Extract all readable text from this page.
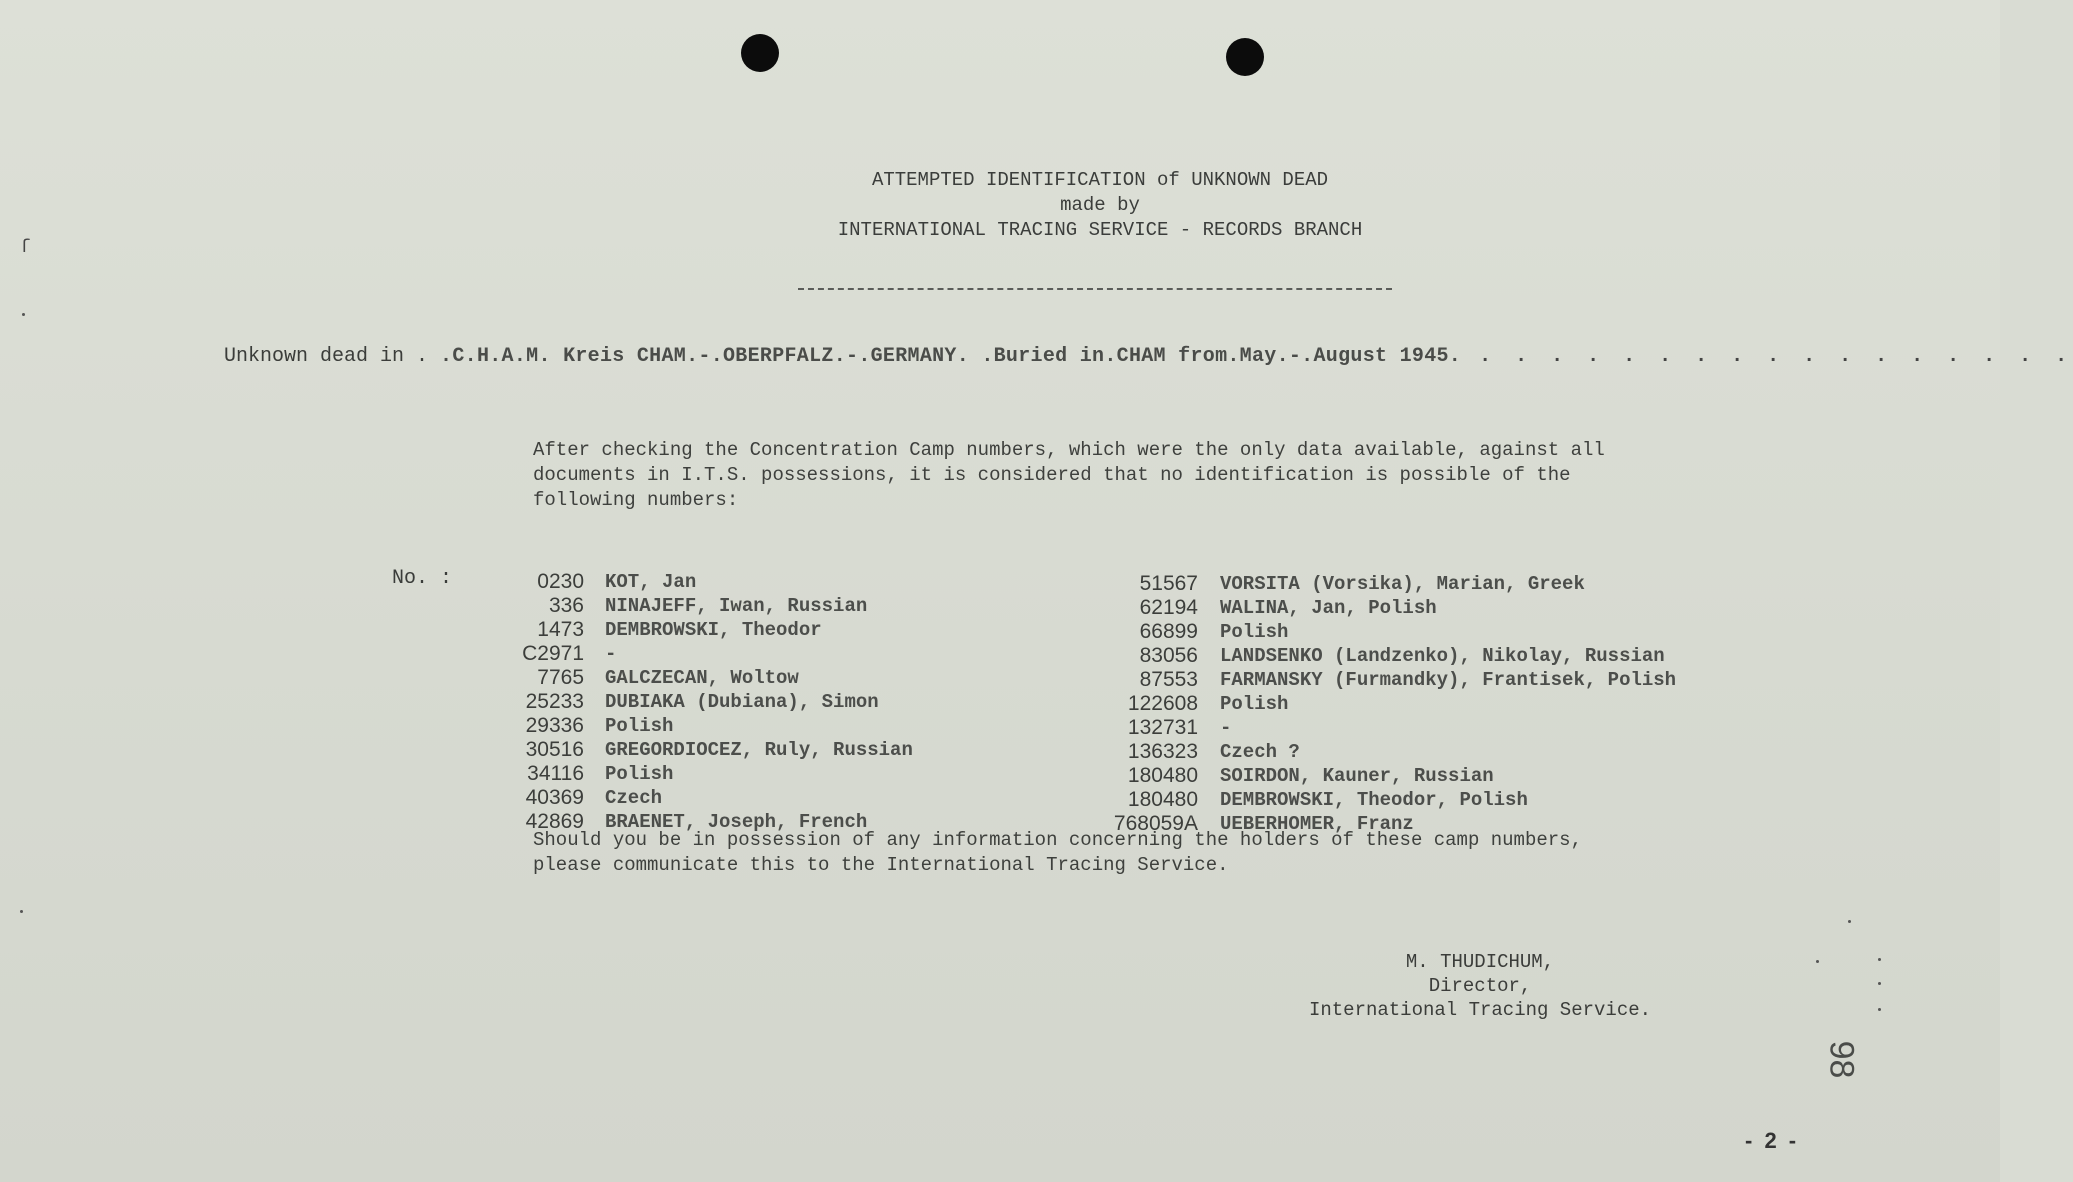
ſ
ATTEMPTED IDENTIFICATION of UNKNOWN DEAD
made by
INTERNATIONAL TRACING SERVICE - RECORDS BRANCH
Unknown dead in . .C.H.A.M. Kreis CHAM.-.OBERPFALZ.-.GERMANY. .Buried in.CHAM from.May.-.August 1945. . . . . . . . . . . . . . . . . .
After checking the Concentration Camp numbers, which were the only data available, against all
documents in I.T.S. possessions, it is considered that no identification is possible of the
following numbers:
No. :	0230 KOT, Jan
336 NINAJEFF, Iwan, Russian
1473 DEMBROWSKI, Theodor
C2971 -
7765 GALCZECAN, Woltow
25233 DUBIAKA (Dubiana), Simon
29336 Polish
30516 GREGORDIOCEZ, Ruly, Russian
34116 Polish
40369 Czech
42869 BRAENET, Joseph, French
51567 VORSITA (Vorsika), Marian, Greek
62194 WALINA, Jan, Polish
66899 Polish
83056 LANDSENKO (Landzenko), Nikolay, Russian
87553 FARMANSKY (Furmandky), Frantisek, Polish
122608 Polish
132731 -
136323 Czech ?
180480 SOIRDON, Kauner, Russian
180480 DEMBROWSKI, Theodor, Polish
768059A UEBERHOMER, Franz
Should you be in possession of any information concerning the holders of these camp numbers,
please communicate this to the International Tracing Service.
M. THUDICHUM,
Director,
International Tracing Service.
98
- 2 -
